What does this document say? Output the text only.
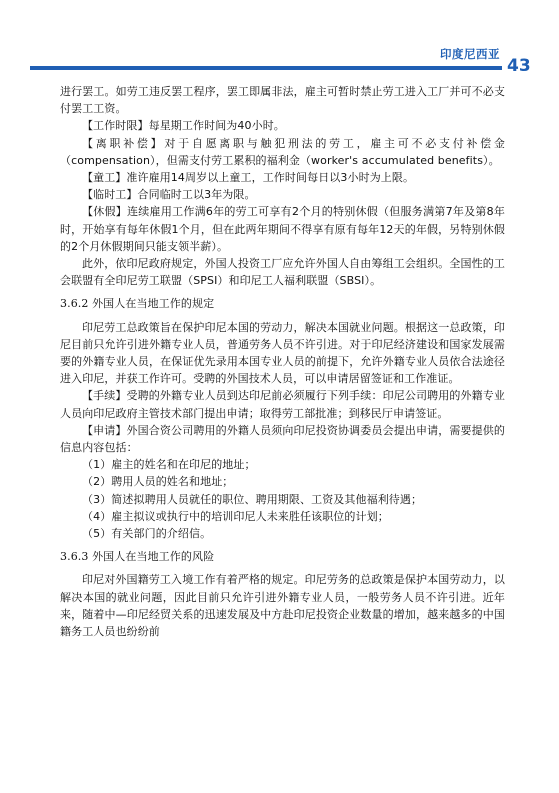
印度尼西亚
43

进行罢工。如劳工违反罢工程序，罢工即属非法，雇主可暂时禁止劳工进入工厂并可不必支付罢工工资。

【工作时限】每星期工作时间为40小时。

【离职补偿】对于自愿离职与触犯刑法的劳工，雇主可不必支付补偿金（compensation），但需支付劳工累积的福利金（worker's accumulated benefits）。

【童工】准许雇用14周岁以上童工，工作时间每日以3小时为上限。

【临时工】合同临时工以3年为限。

【休假】连续雇用工作满6年的劳工可享有2个月的特别休假（但服务满第7年及第8年时，开始享有每年休假1个月，但在此两年期间不得享有原有每年12天的年假，另特别休假的2个月休假期间只能支领半薪）。

此外，依印尼政府规定，外国人投资工厂应允许外国人自由筹组工会组织。全国性的工会联盟有全印尼劳工联盟（SPSI）和印尼工人福利联盟（SBSI）。

3.6.2 外国人在当地工作的规定

印尼劳工总政策旨在保护印尼本国的劳动力，解决本国就业问题。根据这一总政策，印尼目前只允许引进外籍专业人员，普通劳务人员不许引进。对于印尼经济建设和国家发展需要的外籍专业人员，在保证优先录用本国专业人员的前提下，允许外籍专业人员依合法途径进入印尼，并获工作许可。受聘的外国技术人员，可以申请居留签证和工作准证。

【手续】受聘的外籍专业人员到达印尼前必须履行下列手续：印尼公司聘用的外籍专业人员向印尼政府主管技术部门提出申请；取得劳工部批准；到移民厅申请签证。

【申请】外国合资公司聘用的外籍人员须向印尼投资协调委员会提出申请，需要提供的信息内容包括：

（1）雇主的姓名和在印尼的地址；

（2）聘用人员的姓名和地址；

（3）简述拟聘用人员就任的职位、聘用期限、工资及其他福利待遇；

（4）雇主拟议或执行中的培训印尼人未来胜任该职位的计划；

（5）有关部门的介绍信。

3.6.3 外国人在当地工作的风险

印尼对外国籍劳工入境工作有着严格的规定。印尼劳务的总政策是保护本国劳动力，以解决本国的就业问题，因此目前只允许引进外籍专业人员，一般劳务人员不许引进。近年来，随着中—印尼经贸关系的迅速发展及中方赴印尼投资企业数量的增加，越来越多的中国籍务工人员也纷纷前
